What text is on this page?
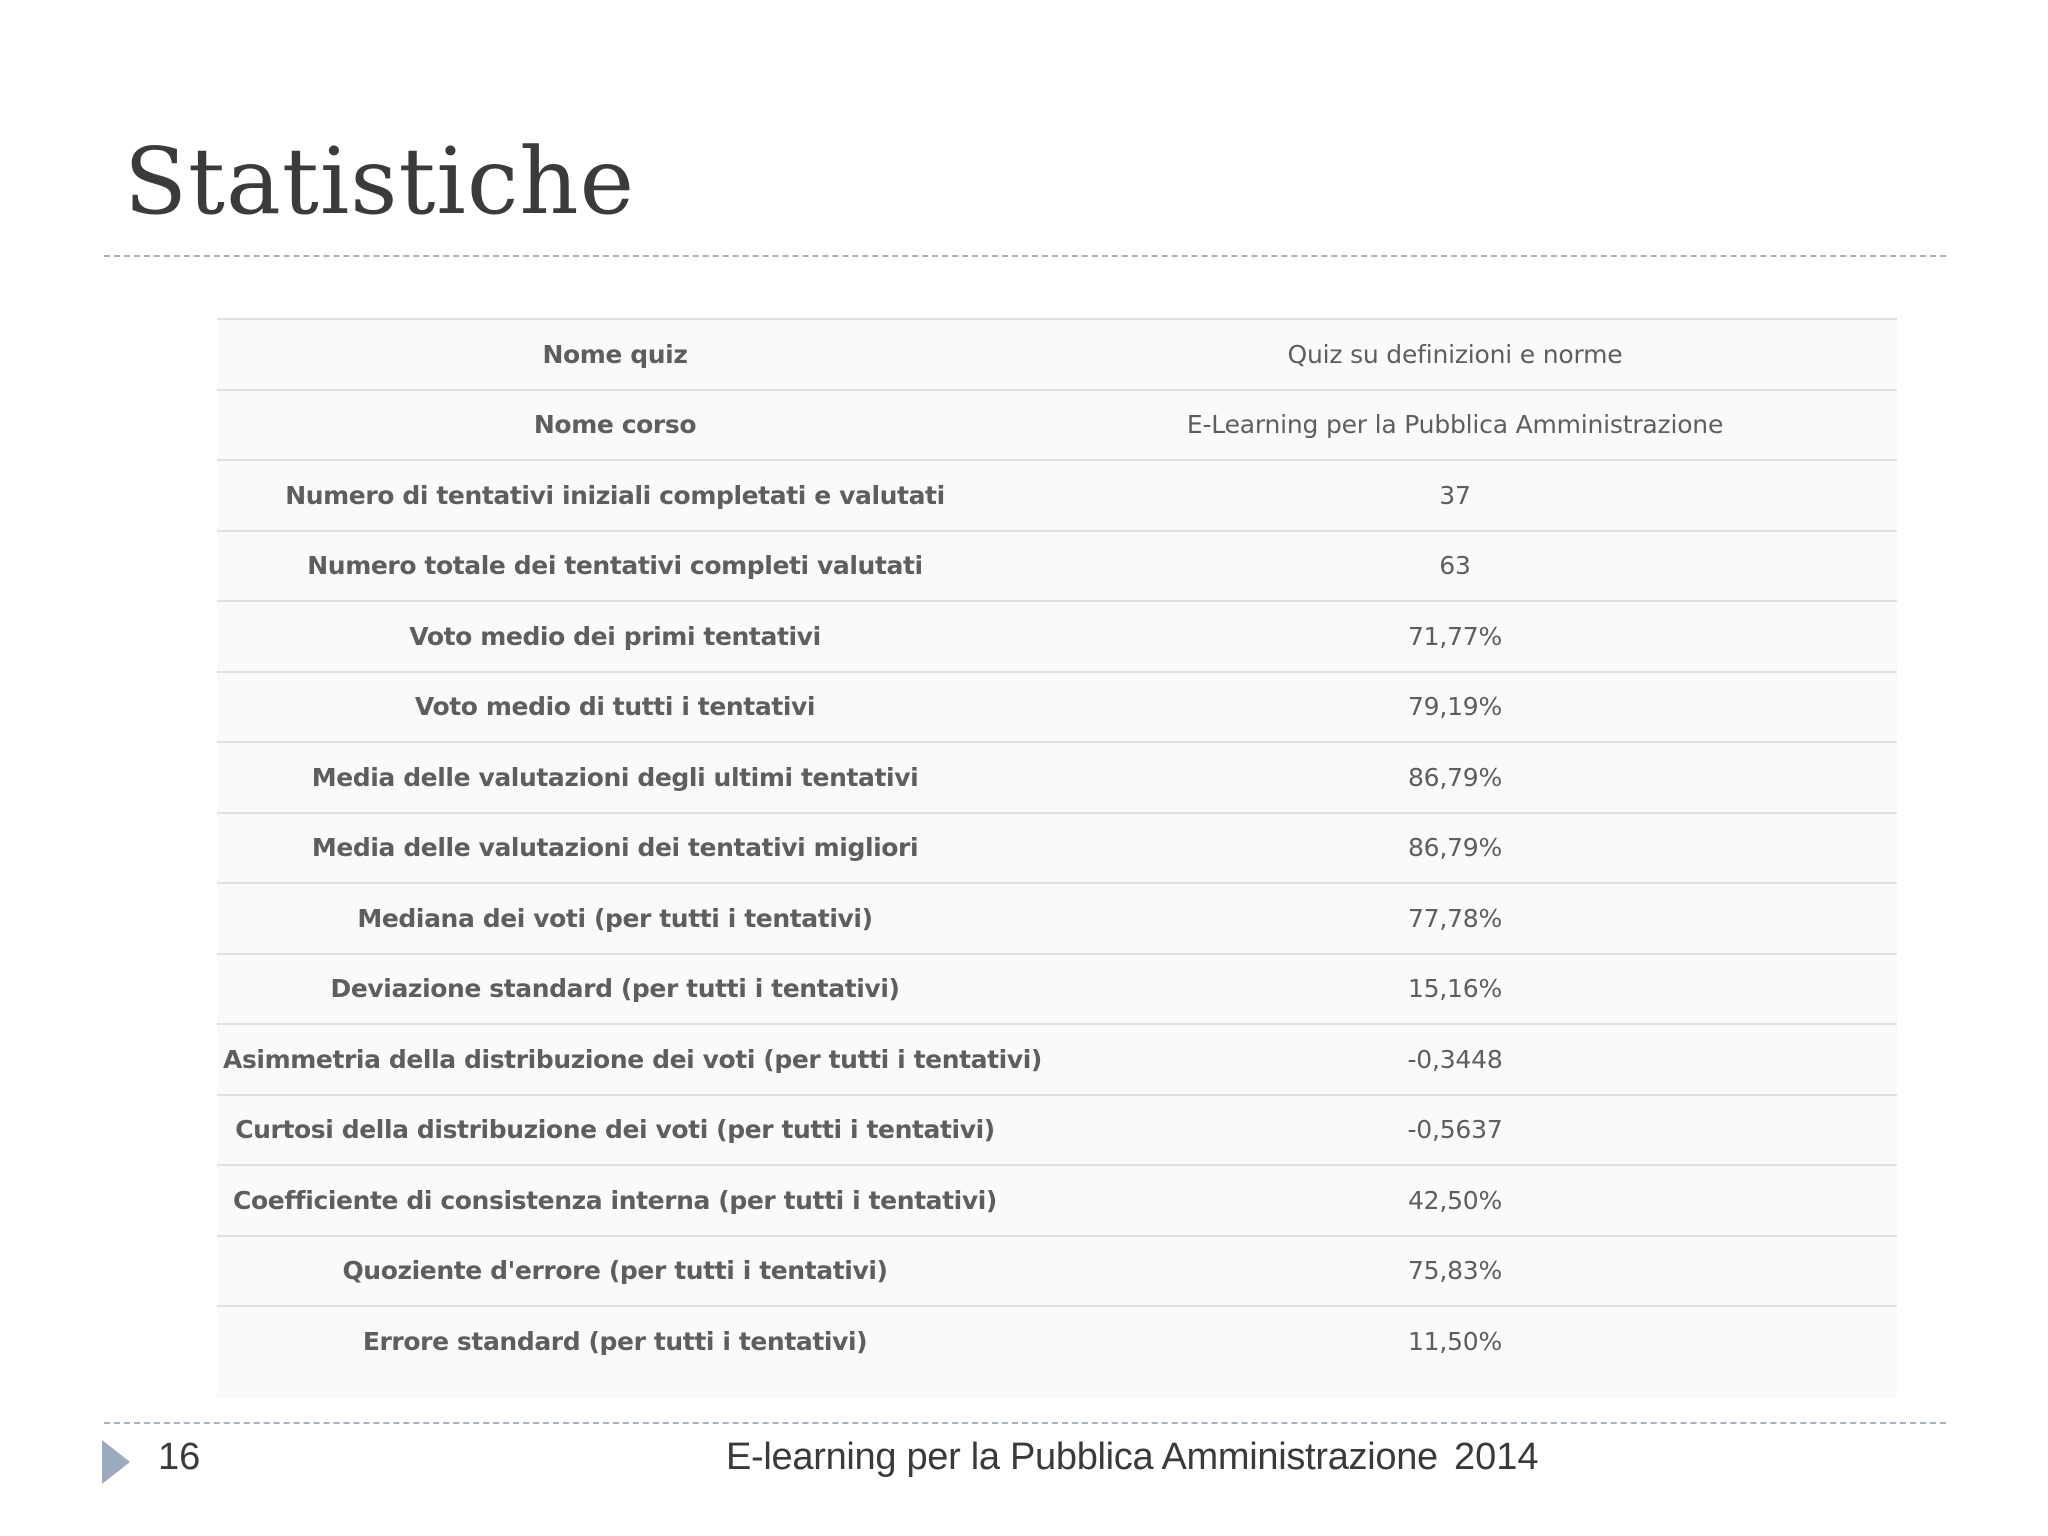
Statistiche
Nome quiz	Quiz su definizioni e norme
Nome corso	E-Learning per la Pubblica Amministrazione
Numero di tentativi iniziali completati e valutati	37
Numero totale dei tentativi completi valutati	63
Voto medio dei primi tentativi	71,77%
Voto medio di tutti i tentativi	79,19%
Media delle valutazioni degli ultimi tentativi	86,79%
Media delle valutazioni dei tentativi migliori	86,79%
Mediana dei voti (per tutti i tentativi)	77,78%
Deviazione standard (per tutti i tentativi)	15,16%
Asimmetria della distribuzione dei voti (per tutti i tentativi)	-0,3448
Curtosi della distribuzione dei voti (per tutti i tentativi)	-0,5637
Coefficiente di consistenza interna (per tutti i tentativi)	42,50%
Quoziente d'errore (per tutti i tentativi)	75,83%
Errore standard (per tutti i tentativi)	11,50%
16	E-learning per la Pubblica Amministrazione 2014
